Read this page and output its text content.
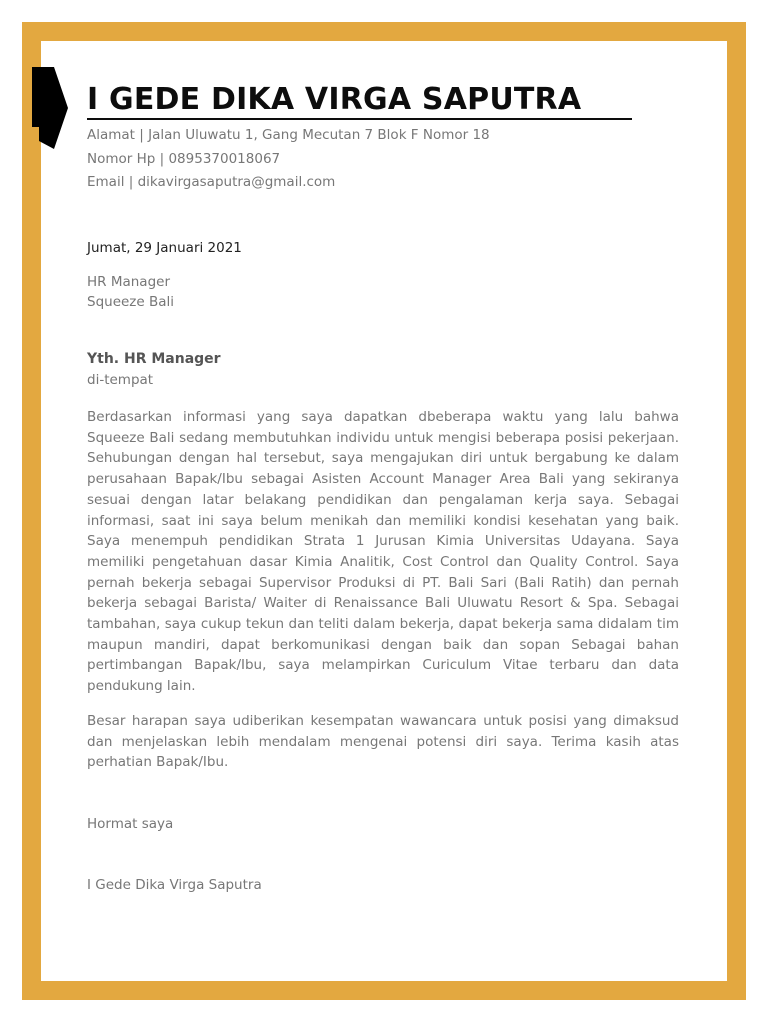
I GEDE DIKA VIRGA SAPUTRA
Alamat | Jalan Uluwatu 1, Gang Mecutan 7 Blok F Nomor 18
Nomor Hp | 0895370018067
Email | dikavirgasaputra@gmail.com
Jumat, 29 Januari 2021
HR Manager
Squeeze Bali
Yth. HR Manager
di-tempat

Berdasarkan informasi yang saya dapatkan dbeberapa waktu yang lalu bahwa Squeeze Bali sedang membutuhkan individu untuk mengisi beberapa posisi pekerjaan. Sehubungan dengan hal tersebut, saya mengajukan diri untuk bergabung ke dalam perusahaan Bapak/Ibu sebagai Asisten Account Manager Area Bali yang sekiranya sesuai dengan latar belakang pendidikan dan pengalaman kerja saya. Sebagai informasi, saat ini saya belum menikah dan memiliki kondisi kesehatan yang baik. Saya menempuh pendidikan Strata 1 Jurusan Kimia Universitas Udayana. Saya memiliki pengetahuan dasar Kimia Analitik, Cost Control dan Quality Control. Saya pernah bekerja sebagai Supervisor Produksi di PT. Bali Sari (Bali Ratih) dan pernah bekerja sebagai Barista/ Waiter di Renaissance Bali Uluwatu Resort & Spa. Sebagai tambahan, saya cukup tekun dan teliti dalam bekerja, dapat bekerja sama didalam tim maupun mandiri, dapat berkomunikasi dengan baik dan sopan Sebagai bahan pertimbangan Bapak/Ibu, saya melampirkan Curiculum Vitae terbaru dan data pendukung lain.

Besar harapan saya udiberikan kesempatan wawancara untuk posisi yang dimaksud dan menjelaskan lebih mendalam mengenai potensi diri saya. Terima kasih atas perhatian Bapak/Ibu.

Hormat saya
I Gede Dika Virga Saputra
